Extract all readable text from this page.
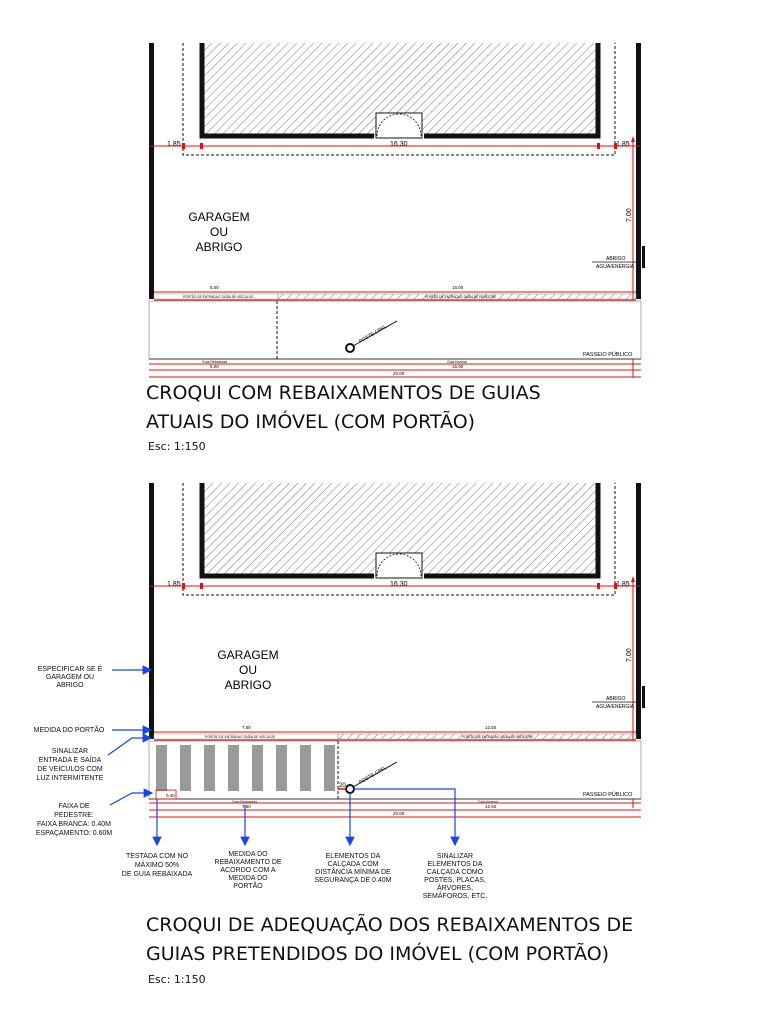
1.85	16.30	1.85
7.00
GARAGEM
OU
ABRIGO
ABRIGO
AGUA/ENERGIA
5.00	15.00
PORTÃO DE ENTRADA E SAÍDA DE VEÍCULOS	PORTÃO DE ENTRADA E SAÍDA DE PEDESTRE
POSTE CPFL
PASSEIO PÚBLICO
Guia Rebaixada	Guia Normal
5.00	15.00
20.00
1.85	16.30	1.85
7.00
GARAGEM
OU
ABRIGO
ABRIGO
AGUA/ENERGIA
7.50	12.50
PORTÃO DE ENTRADA E SAÍDA DE VEÍCULOS	PORTÃO DE ENTRADA E SAÍDA DE PEDESTRE
POSTE CPFL
20
PASSEIO PÚBLICO
0.40
Guia Rebaixada	Guia Normal
7.50	12.50
20.00
ESPECIFICAR SE É
GARAGEM OU
ABRIGO
MEDIDA DO PORTÃO
SINALIZAR
ENTRADA E SAÍDA
DE VEÍCULOS COM
LUZ INTERMITENTE
FAIXA DE
PEDESTRE:
FAIXA BRANCA: 0.40M
ESPAÇAMENTO: 0.60M
TESTADA COM NO
MÁXIMO 50%
DE GUIA REBAIXADA
MEDIDA DO
REBAIXAMENTO DE
ACORDO COM A
MEDIDA DO
PORTÃO
ELEMENTOS DA
CALÇADA COM
DISTÂNCIA MÍNIMA DE
SEGURANÇA DE 0.40M
SINALIZAR
ELEMENTOS DA
CALÇADA COMO
POSTES, PLACAS,
ÁRVORES,
SEMÁFOROS, ETC.
CROQUI COM REBAIXAMENTOS DE GUIAS
ATUAIS DO IMÓVEL (COM PORTÃO)
Esc: 1:150
CROQUI DE ADEQUAÇÃO DOS REBAIXAMENTOS DE
GUIAS PRETENDIDOS DO IMÓVEL (COM PORTÃO)
Esc: 1:150
